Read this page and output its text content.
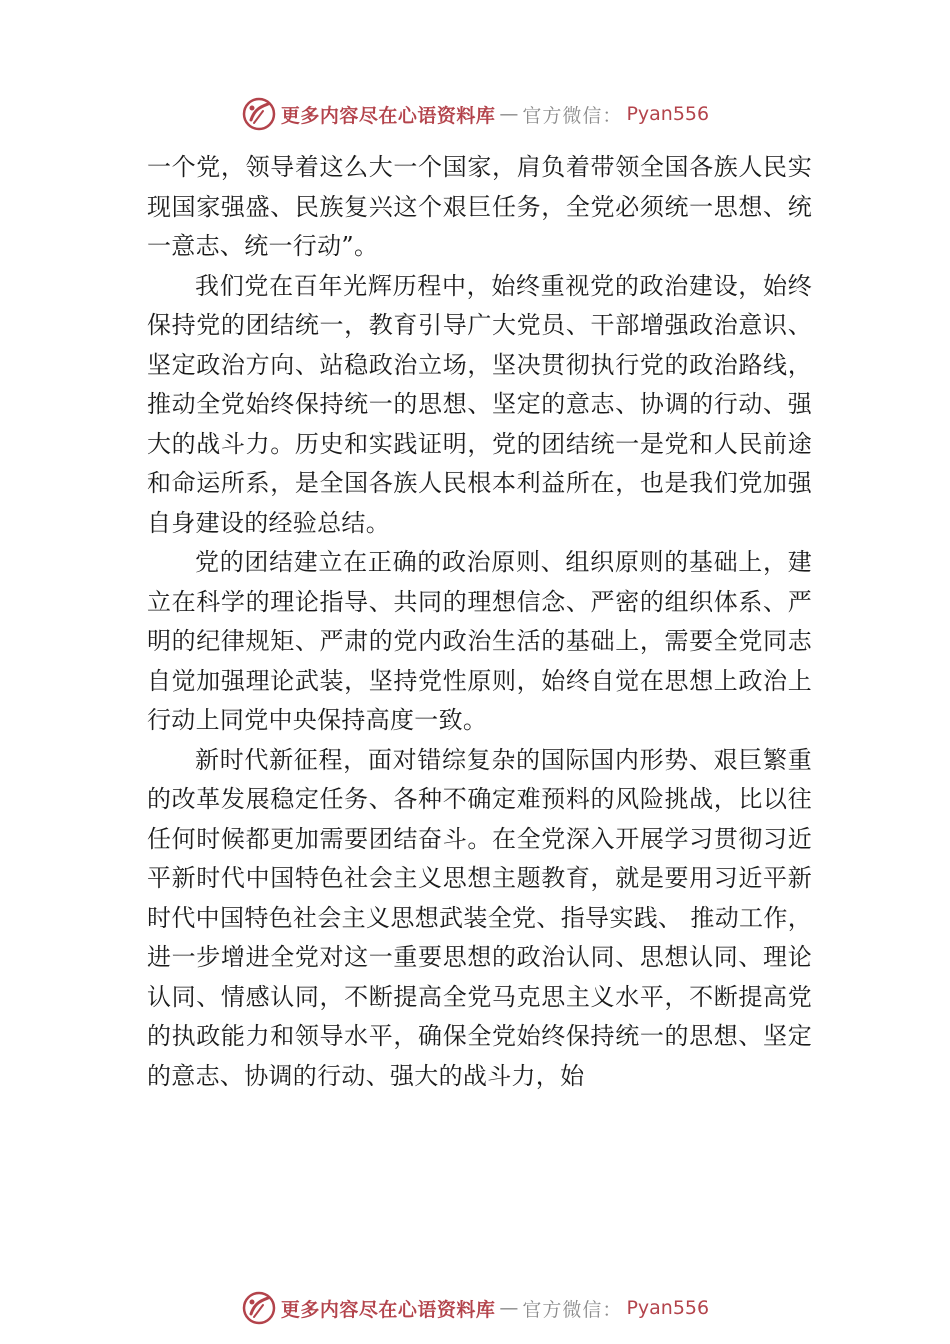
更多内容尽在心语资料库 — 官方微信： Pyan556

一个党，领导着这么大一个国家，肩负着带领全国各族人民实现国家强盛、民族复兴这个艰巨任务，全党必须统一思想、统一意志、统一行动”。

我们党在百年光辉历程中，始终重视党的政治建设，始终保持党的团结统一，教育引导广大党员、干部增强政治意识、坚定政治方向、站稳政治立场，坚决贯彻执行党的政治路线，推动全党始终保持统一的思想、坚定的意志、协调的行动、强大的战斗力。历史和实践证明，党的团结统一是党和人民前途和命运所系，是全国各族人民根本利益所在，也是我们党加强自身建设的经验总结。

党的团结建立在正确的政治原则、组织原则的基础上，建立在科学的理论指导、共同的理想信念、严密的组织体系、严明的纪律规矩、严肃的党内政治生活的基础上，需要全党同志自觉加强理论武装，坚持党性原则，始终自觉在思想上政治上行动上同党中央保持高度一致。

新时代新征程，面对错综复杂的国际国内形势、艰巨繁重的改革发展稳定任务、各种不确定难预料的风险挑战，比以往任何时候都更加需要团结奋斗。在全党深入开展学习贯彻习近平新时代中国特色社会主义思想主题教育，就是要用习近平新时代中国特色社会主义思想武装全党、指导实践、 推动工作，进一步增进全党对这一重要思想的政治认同、思想认同、理论认同、情感认同，不断提高全党马克思主义水平，不断提高党的执政能力和领导水平，确保全党始终保持统一的思想、坚定的意志、协调的行动、强大的战斗力，始

更多内容尽在心语资料库 — 官方微信： Pyan556
